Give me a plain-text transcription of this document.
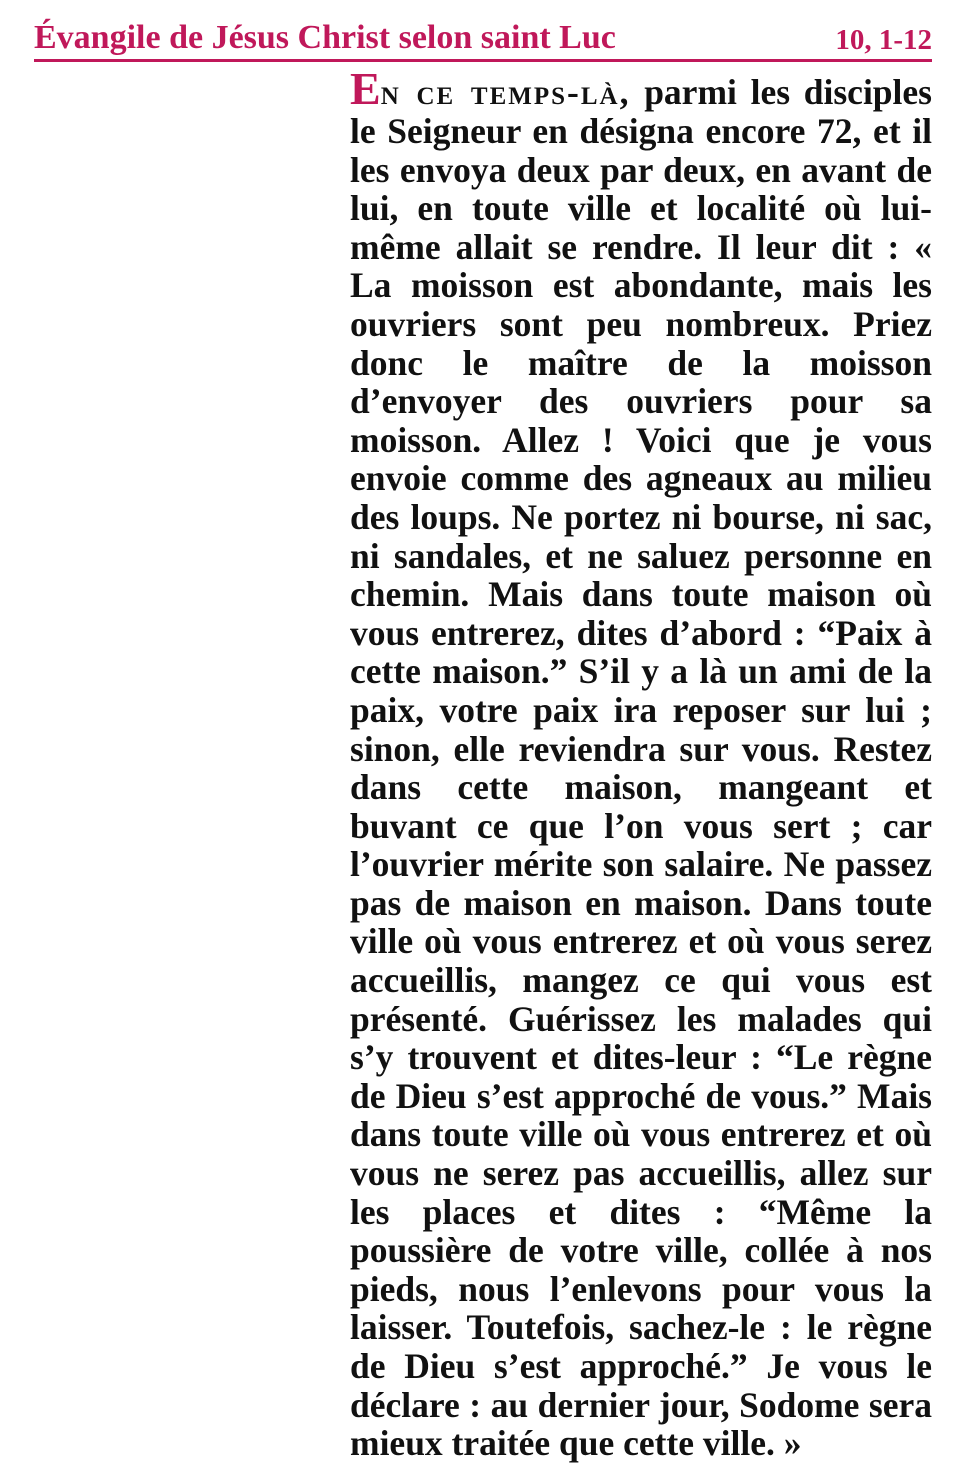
Évangile de Jésus Christ selon saint Luc	10, 1-12

En ce temps-là, parmi les disciples le Seigneur en désigna encore 72, et il les envoya deux par deux, en avant de lui, en toute ville et localité où lui-même allait se rendre. Il leur dit : « La moisson est abondante, mais les ouvriers sont peu nombreux. Priez donc le maître de la moisson d’envoyer des ouvriers pour sa moisson. Allez ! Voici que je vous envoie comme des agneaux au milieu des loups. Ne portez ni bourse, ni sac, ni sandales, et ne saluez personne en chemin. Mais dans toute maison où vous entrerez, dites d’abord : “Paix à cette maison.” S’il y a là un ami de la paix, votre paix ira reposer sur lui ; sinon, elle reviendra sur vous. Restez dans cette maison, mangeant et buvant ce que l’on vous sert ; car l’ouvrier mérite son salaire. Ne passez pas de maison en maison. Dans toute ville où vous entrerez et où vous serez accueillis, mangez ce qui vous est présenté. Guérissez les malades qui s’y trouvent et dites-leur : “Le règne de Dieu s’est approché de vous.” Mais dans toute ville où vous entrerez et où vous ne serez pas accueillis, allez sur les places et dites : “Même la poussière de votre ville, collée à nos pieds, nous l’enlevons pour vous la laisser. Toutefois, sachez-le : le règne de Dieu s’est approché.” Je vous le déclare : au dernier jour, Sodome sera mieux traitée que cette ville. »
